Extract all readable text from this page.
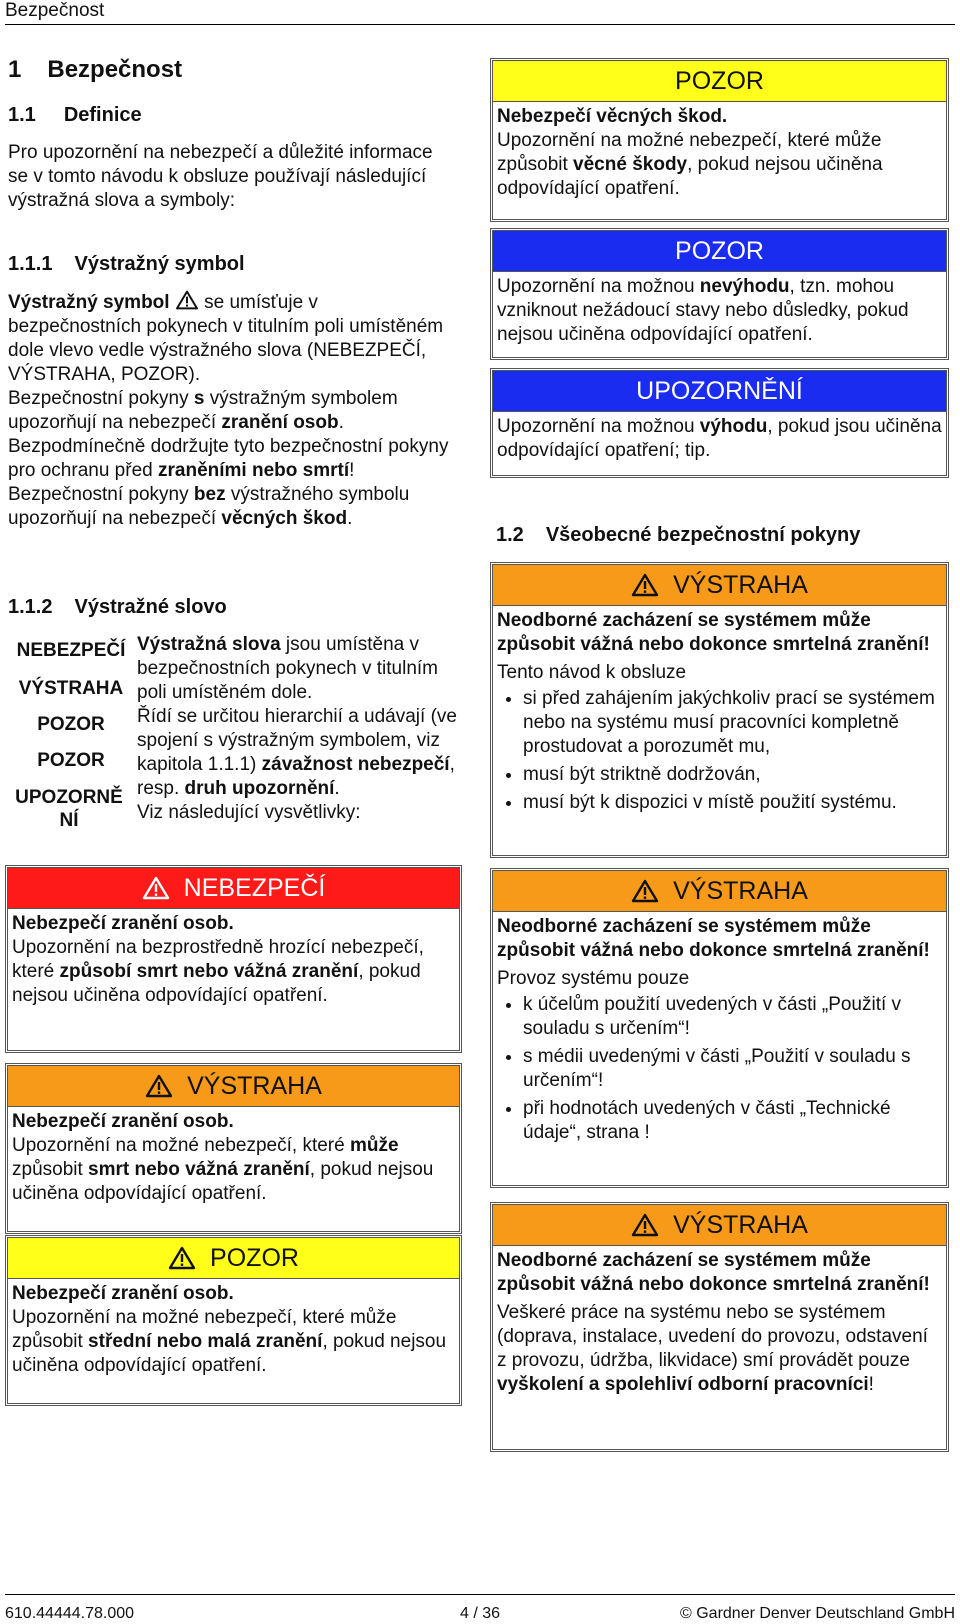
Bezpečnost
1 Bezpečnost
1.1 Definice
Pro upozornění na nebezpečí a důležité informace se v tomto návodu k obsluze používají následující výstražná slova a symboly:
1.1.1 Výstražný symbol
Výstražný symbol  se umísťuje v bezpečnostních pokynech v titulním poli umístěném dole vlevo vedle výstražného slova (NEBEZPEČÍ, VÝSTRAHA, POZOR).
Bezpečnostní pokyny s výstražným symbolem upozorňují na nebezpečí zranění osob.
Bezpodmínečně dodržujte tyto bezpečnostní pokyny pro ochranu před zraněními nebo smrtí!
Bezpečnostní pokyny bez výstražného symbolu upozorňují na nebezpečí věcných škod.
1.1.2 Výstražné slovo
NEBEZPEČÍ
VÝSTRAHA
POZOR
POZOR
UPOZORNĚ NÍ
Výstražná slova jsou umístěna v bezpečnostních pokynech v titulním poli umístěném dole.
Řídí se určitou hierarchií a udávají (ve spojení s výstražným symbolem, viz kapitola 1.1.1) závažnost nebezpečí, resp. druh upozornění.
Viz následující vysvětlivky:
NEBEZPEČÍ
Nebezpečí zranění osob.
Upozornění na bezprostředně hrozící nebezpečí, které způsobí smrt nebo vážná zranění, pokud nejsou učiněna odpovídající opatření.
VÝSTRAHA
Nebezpečí zranění osob.
Upozornění na možné nebezpečí, které může způsobit smrt nebo vážná zranění, pokud nejsou učiněna odpovídající opatření.
POZOR
Nebezpečí zranění osob.
Upozornění na možné nebezpečí, které může způsobit střední nebo malá zranění, pokud nejsou učiněna odpovídající opatření.
POZOR
Nebezpečí věcných škod.
Upozornění na možné nebezpečí, které může způsobit věcné škody, pokud nejsou učiněna odpovídající opatření.
POZOR
Upozornění na možnou nevýhodu, tzn. mohou vzniknout nežádoucí stavy nebo důsledky, pokud nejsou učiněna odpovídající opatření.
UPOZORNĚNÍ
Upozornění na možnou výhodu, pokud jsou učiněna odpovídající opatření; tip.
1.2 Všeobecné bezpečnostní pokyny
VÝSTRAHA
Neodborné zacházení se systémem může způsobit vážná nebo dokonce smrtelná zranění!
Tento návod k obsluze
• si před zahájením jakýchkoliv prací se systémem nebo na systému musí pracovníci kompletně prostudovat a porozumět mu,
• musí být striktně dodržován,
• musí být k dispozici v místě použití systému.
VÝSTRAHA
Neodborné zacházení se systémem může způsobit vážná nebo dokonce smrtelná zranění!
Provoz systému pouze
• k účelům použití uvedených v části „Použití v souladu s určením“!
• s médii uvedenými v části „Použití v souladu s určením“!
• při hodnotách uvedených v části „Technické údaje“, strana !
VÝSTRAHA
Neodborné zacházení se systémem může způsobit vážná nebo dokonce smrtelná zranění!
Veškeré práce na systému nebo se systémem (doprava, instalace, uvedení do provozu, odstavení z provozu, údržba, likvidace) smí provádět pouze vyškolení a spolehliví odborní pracovníci!
610.44444.78.000	4 / 36	© Gardner Denver Deutschland GmbH
